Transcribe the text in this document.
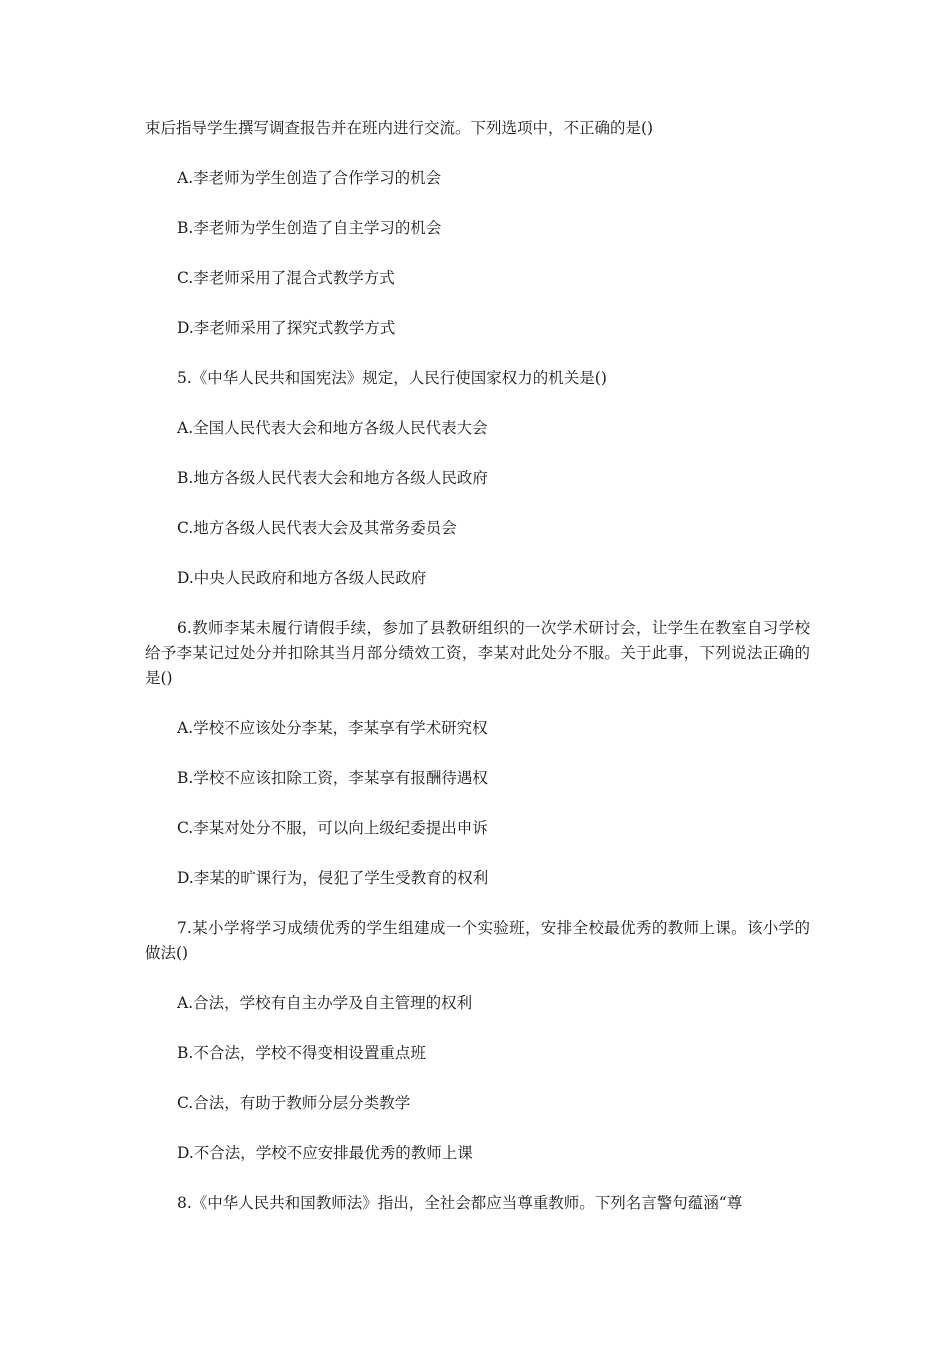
束后指导学生撰写调查报告并在班内进行交流。下列选项中，不正确的是()
A.李老师为学生创造了合作学习的机会
B.李老师为学生创造了自主学习的机会
C.李老师采用了混合式教学方式
D.李老师采用了探究式教学方式
5.《中华人民共和国宪法》规定，人民行使国家权力的机关是()
A.全国人民代表大会和地方各级人民代表大会
B.地方各级人民代表大会和地方各级人民政府
C.地方各级人民代表大会及其常务委员会
D.中央人民政府和地方各级人民政府
6.教师李某未履行请假手续，参加了县教研组织的一次学术研讨会，让学生在教室自习学校给予李某记过处分并扣除其当月部分绩效工资，李某对此处分不服。关于此事，下列说法正确的是()
A.学校不应该处分李某，李某享有学术研究权
B.学校不应该扣除工资，李某享有报酬待遇权
C.李某对处分不服，可以向上级纪委提出申诉
D.李某的旷课行为，侵犯了学生受教育的权利
7.某小学将学习成绩优秀的学生组建成一个实验班，安排全校最优秀的教师上课。该小学的做法()
A.合法，学校有自主办学及自主管理的权利
B.不合法，学校不得变相设置重点班
C.合法，有助于教师分层分类教学
D.不合法，学校不应安排最优秀的教师上课
8.《中华人民共和国教师法》指出，全社会都应当尊重教师。下列名言警句蕴涵“尊
